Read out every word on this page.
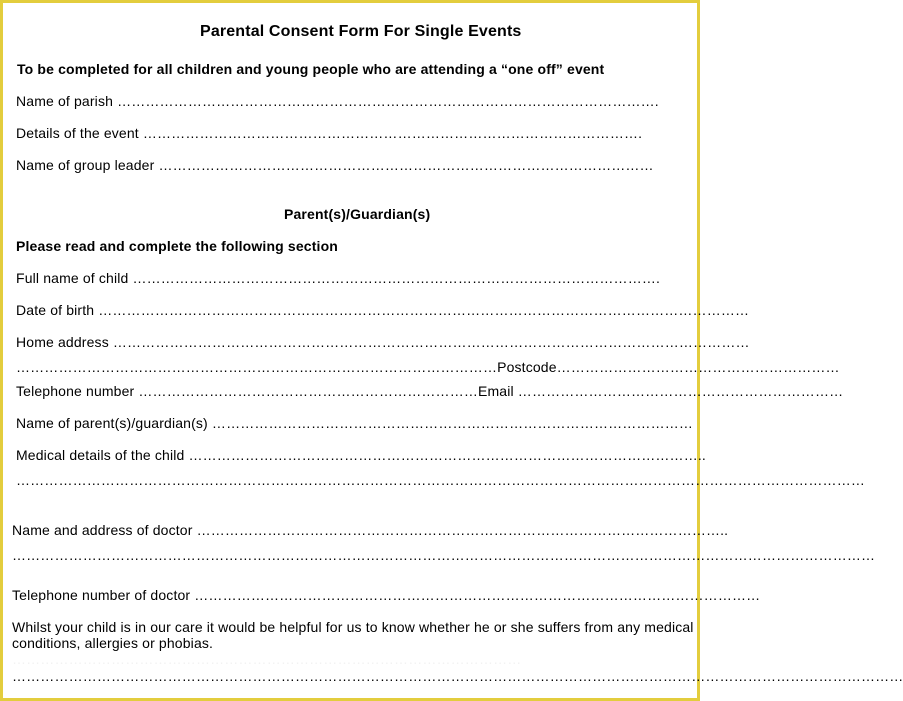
Parental Consent Form For Single Events
To be completed for all children and young people who are attending a “one off” event
Name of parish …………………………………………………………………………………………………….
Details of the event …………………………………………………………………………………………….
Name of group leader ……………………………………………………………………………………………
Parent(s)/Guardian(s)
Please read and complete the following section
Full name of child ………………………………………………………………………………………………….
Date of birth …………………………………………………………………………………………………………………………
Home address ………………………………………………………………………………………………………………………
…………………………………………………………………………………………Postcode……………………………………………………
Telephone number ………………………………………………………………Email ……………………………………………………………
Name of parent(s)/guardian(s) …………………………………………………………………………………………
Medical details of the child ………………………………………………………………………………………………..
………………………………………………………………………………………………………………………………………………………………
Name and address of doctor …………………………………………………………………………………………………..
…………………………………………………………………………………………………………………………………………………………………
Telephone number of doctor …………………………………………………………………………………………………………
Whilst your child is in our care it would be helpful for us to know whether he or she suffers from any medical conditions, allergies or phobias.
………………………………………………………………………………………………
………………………………………………………………………………………………………………………………………………………………………
